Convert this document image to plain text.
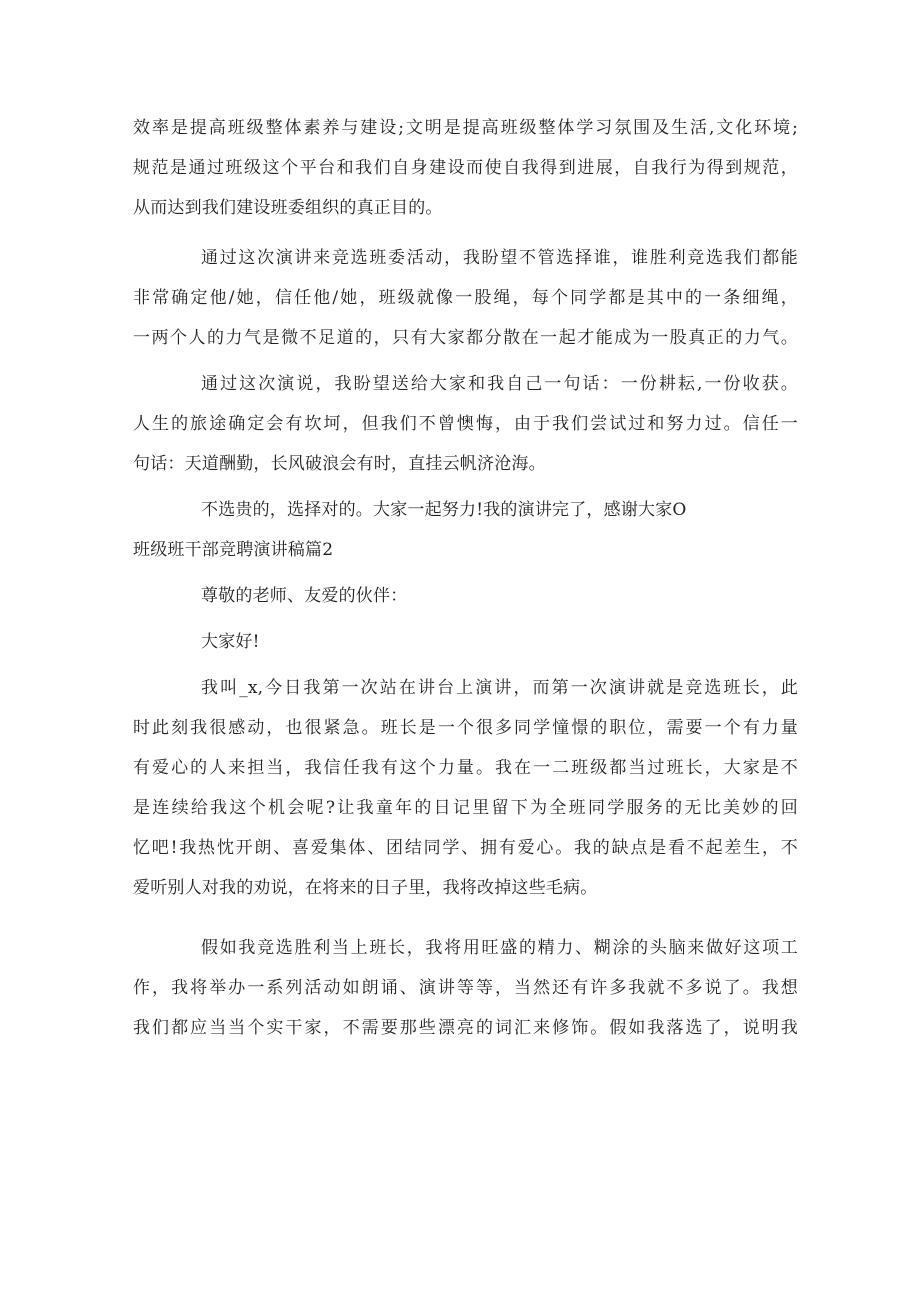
效率是提高班级整体素养与建设;文明是提高班级整体学习氛围及生活,文化环境;
规范是通过班级这个平台和我们自身建设而使自我得到进展，自我行为得到规范，
从而达到我们建设班委组织的真正目的。
通过这次演讲来竞选班委活动，我盼望不管选择谁，谁胜利竞选我们都能
非常确定他/她，信任他/她，班级就像一股绳，每个同学都是其中的一条细绳，
一两个人的力气是微不足道的，只有大家都分散在一起才能成为一股真正的力气。
通过这次演说，我盼望送给大家和我自己一句话：一份耕耘,一份收获。
人生的旅途确定会有坎坷，但我们不曾懊悔，由于我们尝试过和努力过。信任一
句话：天道酬勤，长风破浪会有时，直挂云帆济沧海。
不选贵的，选择对的。大家一起努力!我的演讲完了，感谢大家O
班级班干部竞聘演讲稿篇2
尊敬的老师、友爱的伙伴：
大家好!
我叫_x,今日我第一次站在讲台上演讲，而第一次演讲就是竞选班长，此
时此刻我很感动，也很紧急。班长是一个很多同学憧憬的职位，需要一个有力量
有爱心的人来担当，我信任我有这个力量。我在一二班级都当过班长，大家是不
是连续给我这个机会呢?让我童年的日记里留下为全班同学服务的无比美妙的回
忆吧!我热忱开朗、喜爱集体、团结同学、拥有爱心。我的缺点是看不起差生，不
爱听别人对我的劝说，在将来的日子里，我将改掉这些毛病。
假如我竞选胜利当上班长，我将用旺盛的精力、糊涂的头脑来做好这项工
作，我将举办一系列活动如朗诵、演讲等等，当然还有许多我就不多说了。我想
我们都应当当个实干家，不需要那些漂亮的词汇来修饰。假如我落选了，说明我
